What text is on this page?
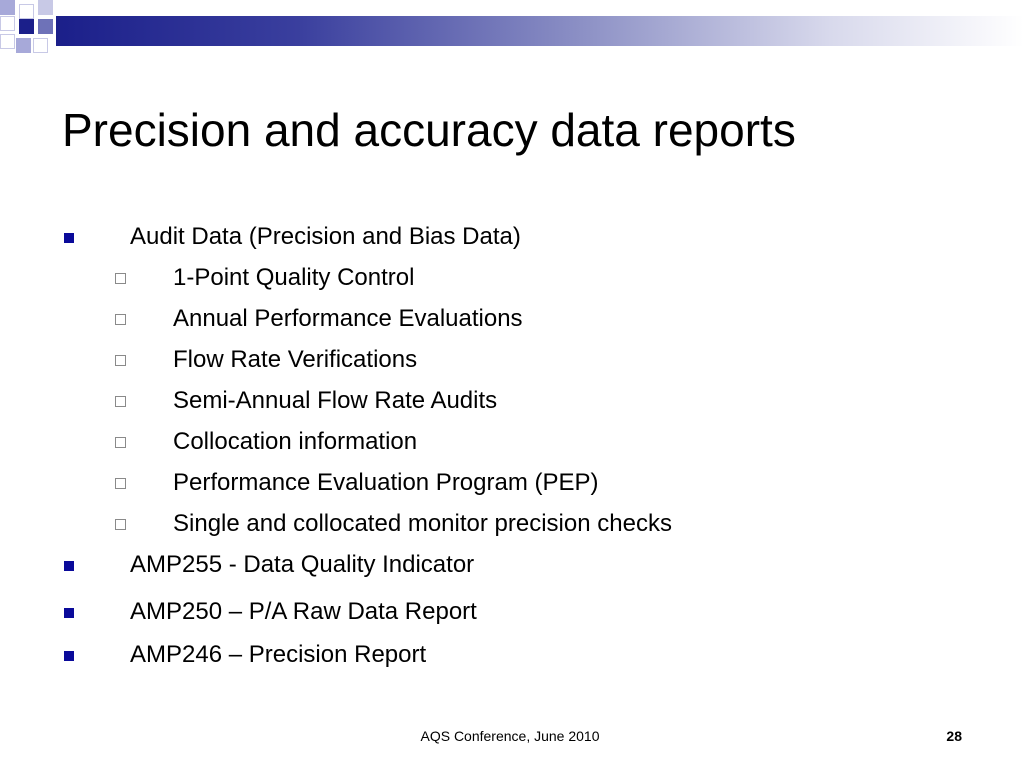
Precision and accuracy data reports
Audit Data (Precision and Bias Data)
1-Point Quality Control
Annual Performance Evaluations
Flow Rate Verifications
Semi-Annual Flow Rate Audits
Collocation information
Performance Evaluation Program (PEP)
Single and collocated monitor precision checks
AMP255 - Data Quality Indicator
AMP250 – P/A Raw Data Report
AMP246 – Precision Report
AQS Conference, June 2010	28
